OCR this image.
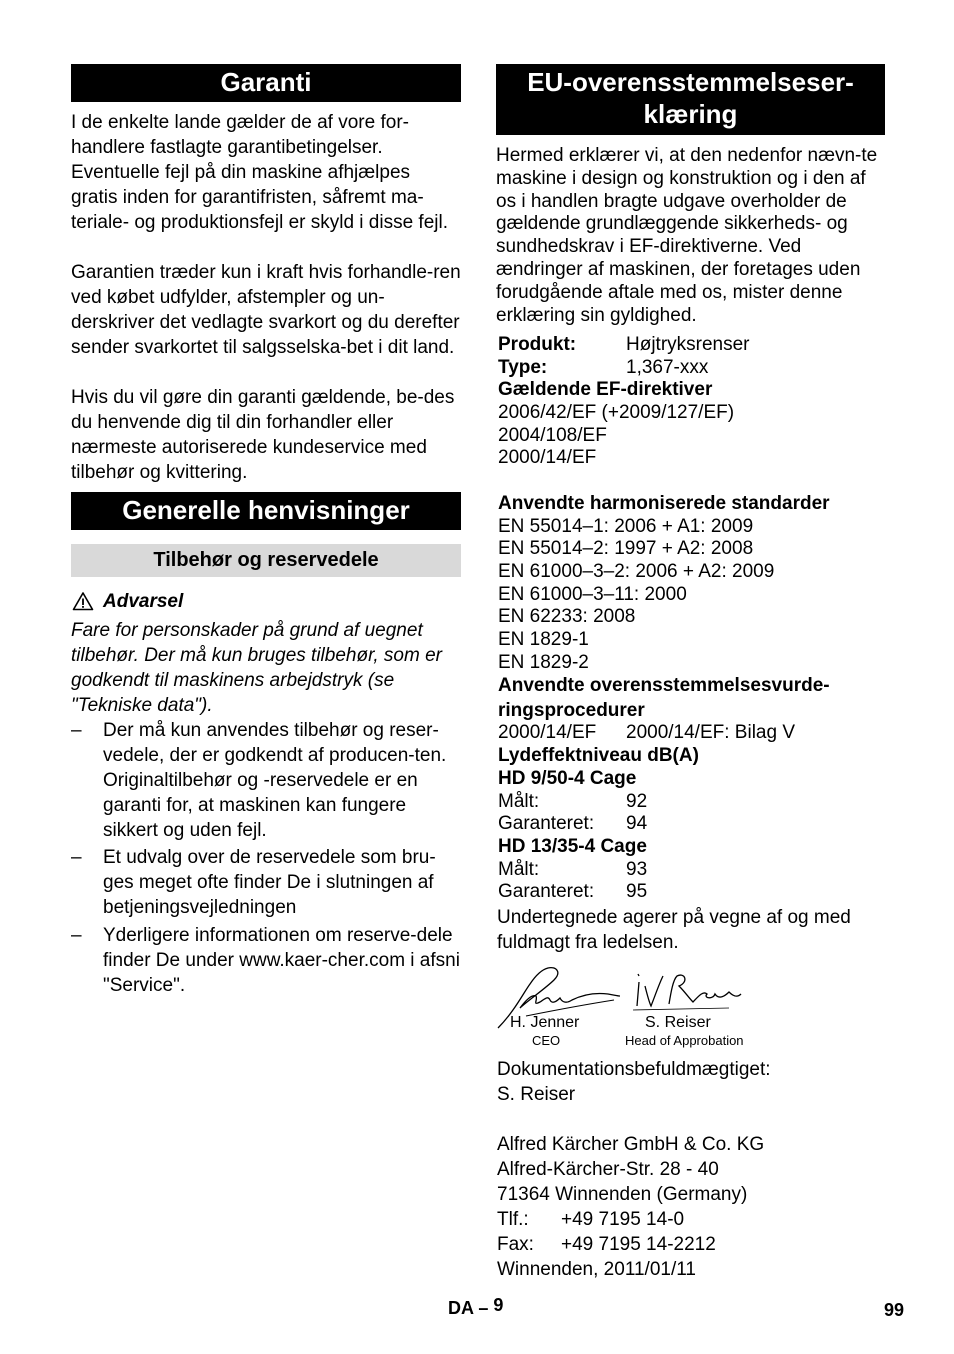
Garanti

I de enkelte lande gælder de af vore for-handlere fastlagte garantibetingelser. Eventuelle fejl på din maskine afhjælpes gratis inden for garantifristen, såfremt ma-teriale- og produktionsfejl er skyld i disse fejl.

Garantien træder kun i kraft hvis forhandle-ren ved købet udfylder, afstempler og un-derskriver det vedlagte svarkort og du derefter sender svarkortet til salgsselska-bet i dit land.

Hvis du vil gøre din garanti gældende, be-des du henvende dig til din forhandler eller nærmeste autoriserede kundeservice med tilbehør og kvittering.

Generelle henvisninger
Tilbehør og reservedele
Advarsel

Fare for personskader på grund af uegnet tilbehør. Der må kun bruges tilbehør, som er godkendt til maskinens arbejdstryk (se "Tekniske data").

– Der må kun anvendes tilbehør og reser-vedele, der er godkendt af producen-ten. Originaltilbehør og -reservedele er en garanti for, at maskinen kan fungere sikkert og uden fejl.

– Et udvalg over de reservedele som bru-ges meget ofte finder De i slutningen af betjeningsvejledningen

– Yderligere informationen om reserve-dele finder De under www.kaer-cher.com i afsni "Service".

EU-overensstemmelseser-klæring

Hermed erklærer vi, at den nedenfor nævn-te maskine i design og konstruktion og i den af os i handlen bragte udgave overholder de gældende grundlæggende sikkerheds- og sundhedskrav i EF-direktiverne. Ved ændringer af maskinen, der foretages uden forudgående aftale med os, mister denne erklæring sin gyldighed.

Produkt:	Højtryksrenser
Type:	1,367-xxx
Gældende EF-direktiver
2006/42/EF (+2009/127/EF)
2004/108/EF
2000/14/EF
Anvendte harmoniserede standarder
EN 55014–1: 2006 + A1: 2009
EN 55014–2: 1997 + A2: 2008
EN 61000–3–2: 2006 + A2: 2009
EN 61000–3–11: 2000
EN 62233: 2008
EN 1829-1
EN 1829-2
Anvendte overensstemmelsesvurde-
ringsprocedurer
2000/14/EF 2000/14/EF: Bilag V
Lydeffektniveau dB(A)
HD 9/50-4 Cage
Målt:	92
Garanteret: 94
HD 13/35-4 Cage
Målt:	93
Garanteret: 95

Undertegnede agerer på vegne af og med fuldmagt fra ledelsen.

H. Jenner
CEO
S. Reiser
Head of Approbation
Dokumentationsbefuldmægtiget:
S. Reiser
Alfred Kärcher GmbH & Co. KG
Alfred-Kärcher-Str. 28 - 40
71364 Winnenden (Germany)
Tlf.: +49 7195 14-0
Fax: +49 7195 14-2212
Winnenden, 2011/01/11
DA – 9	99
